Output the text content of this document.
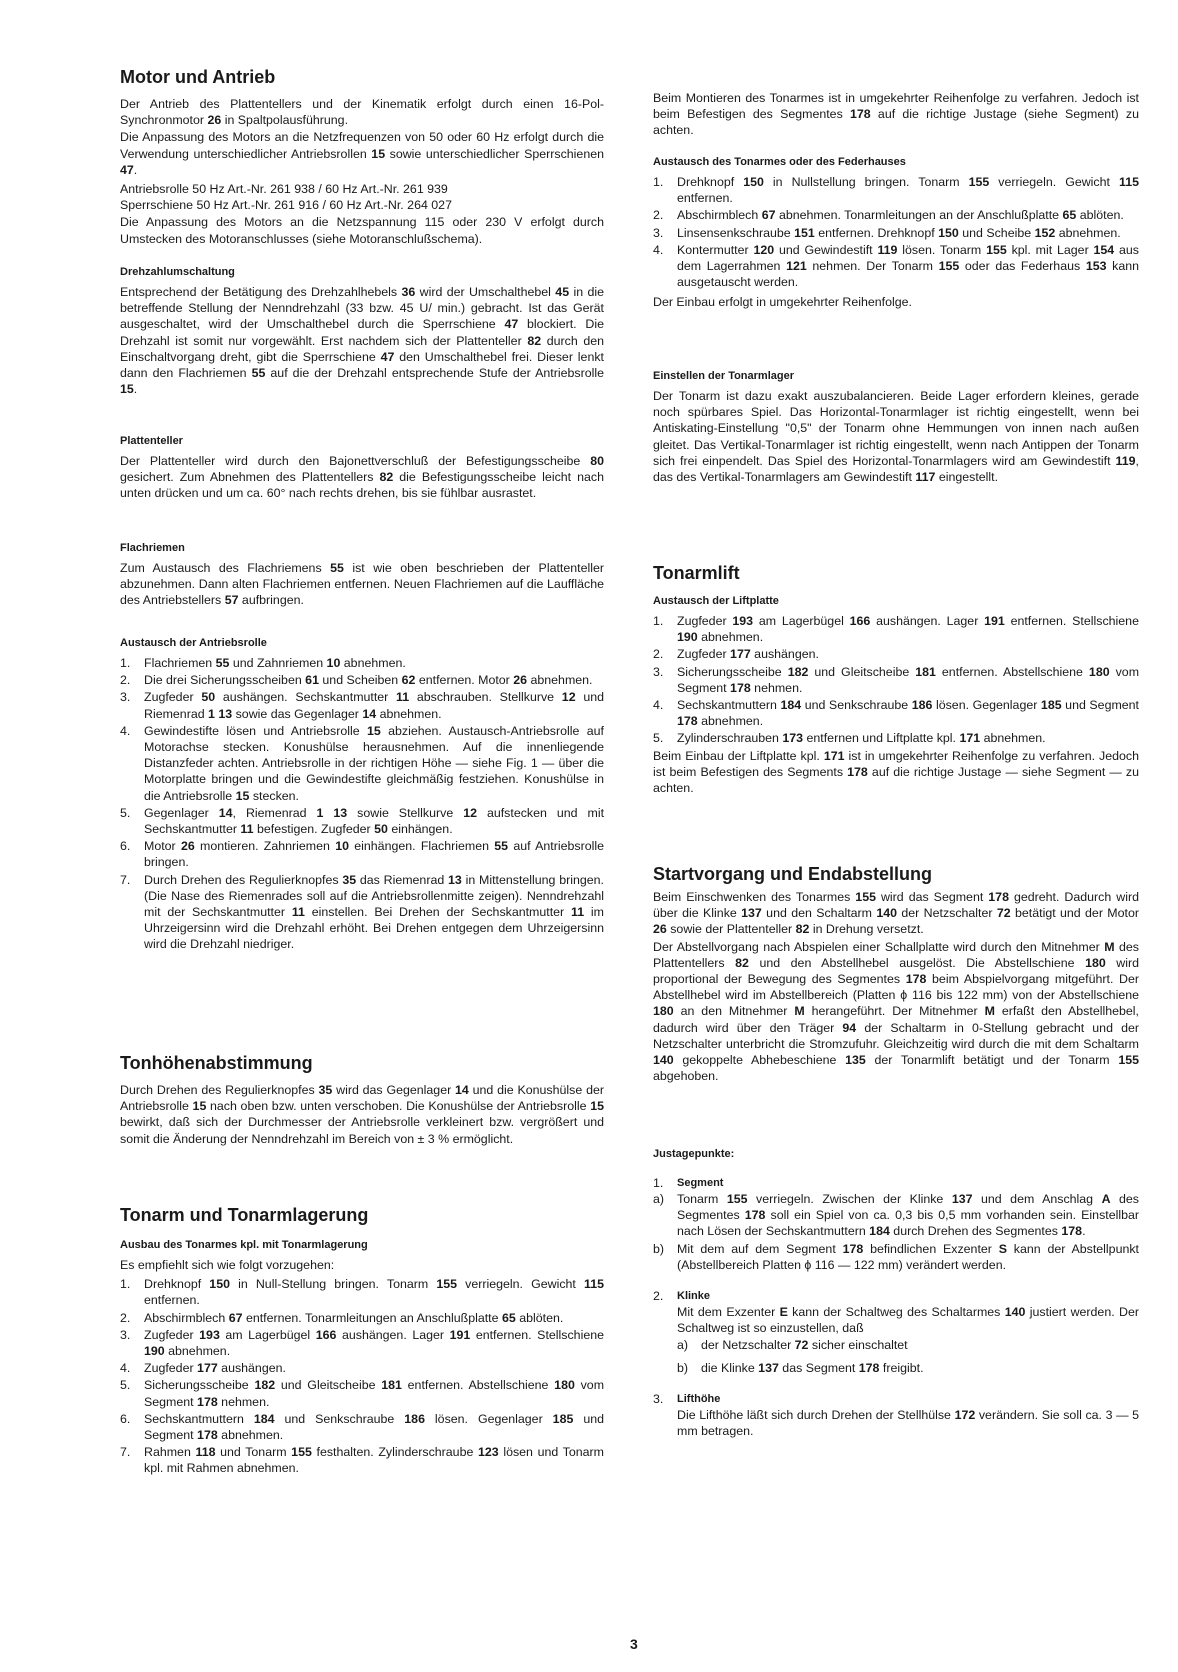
Motor und Antrieb

Der Antrieb des Plattentellers und der Kinematik erfolgt durch einen 16-Pol-Synchronmotor 26 in Spaltpolausführung.

Die Anpassung des Motors an die Netzfrequenzen von 50 oder 60 Hz erfolgt durch die Verwendung unterschiedlicher Antriebsrollen 15 sowie unterschiedlicher Sperrschienen 47.

Antriebsrolle 50 Hz Art.-Nr. 261 938 / 60 Hz Art.-Nr. 261 939

Sperrschiene 50 Hz Art.-Nr. 261 916 / 60 Hz Art.-Nr. 264 027

Die Anpassung des Motors an die Netzspannung 115 oder 230 V erfolgt durch Umstecken des Motoranschlusses (siehe Motoranschlußschema).

Drehzahlumschaltung

Entsprechend der Betätigung des Drehzahlhebels 36 wird der Umschalthebel 45 in die betreffende Stellung der Nenndrehzahl (33 bzw. 45 U/ min.) gebracht. Ist das Gerät ausgeschaltet, wird der Umschalthebel durch die Sperrschiene 47 blockiert. Die Drehzahl ist somit nur vorgewählt. Erst nachdem sich der Plattenteller 82 durch den Einschaltvorgang dreht, gibt die Sperrschiene 47 den Umschalthebel frei. Dieser lenkt dann den Flachriemen 55 auf die der Drehzahl entsprechende Stufe der Antriebsrolle 15.

Plattenteller

Der Plattenteller wird durch den Bajonettverschluß der Befestigungsscheibe 80 gesichert. Zum Abnehmen des Plattentellers 82 die Befestigungsscheibe leicht nach unten drücken und um ca. 60° nach rechts drehen, bis sie fühlbar ausrastet.

Flachriemen

Zum Austausch des Flachriemens 55 ist wie oben beschrieben der Plattenteller abzunehmen. Dann alten Flachriemen entfernen. Neuen Flachriemen auf die Lauffläche des Antriebstellers 57 aufbringen.

Austausch der Antriebsrolle
1. Flachriemen 55 und Zahnriemen 10 abnehmen.
2. Die drei Sicherungsscheiben 61 und Scheiben 62 entfernen. Motor 26 abnehmen.
3. Zugfeder 50 aushängen. Sechskantmutter 11 abschrauben. Stellkurve 12 und Riemenrad 1 13 sowie das Gegenlager 14 abnehmen.
4. Gewindestifte lösen und Antriebsrolle 15 abziehen. Austausch-Antriebsrolle auf Motorachse stecken. Konushülse herausnehmen. Auf die innenliegende Distanzfeder achten. Antriebsrolle in der richtigen Höhe — siehe Fig. 1 — über die Motorplatte bringen und die Gewindestifte gleichmäßig festziehen. Konushülse in die Antriebsrolle 15 stecken.
5. Gegenlager 14, Riemenrad 1 13 sowie Stellkurve 12 aufstecken und mit Sechskantmutter 11 befestigen. Zugfeder 50 einhängen.
6. Motor 26 montieren. Zahnriemen 10 einhängen. Flachriemen 55 auf Antriebsrolle bringen.
7. Durch Drehen des Regulierknopfes 35 das Riemenrad 13 in Mittenstellung bringen. (Die Nase des Riemenrades soll auf die Antriebsrollenmitte zeigen). Nenndrehzahl mit der Sechskantmutter 11 einstellen. Bei Drehen der Sechskantmutter 11 im Uhrzeigersinn wird die Drehzahl erhöht. Bei Drehen entgegen dem Uhrzeigersinn wird die Drehzahl niedriger.
Tonhöhenabstimmung

Durch Drehen des Regulierknopfes 35 wird das Gegenlager 14 und die Konushülse der Antriebsrolle 15 nach oben bzw. unten verschoben. Die Konushülse der Antriebsrolle 15 bewirkt, daß sich der Durchmesser der Antriebsrolle verkleinert bzw. vergrößert und somit die Änderung der Nenndrehzahl im Bereich von ± 3 % ermöglicht.

Tonarm und Tonarmlagerung
Ausbau des Tonarmes kpl. mit Tonarmlagerung

Es empfiehlt sich wie folgt vorzugehen:

1. Drehknopf 150 in Null-Stellung bringen. Tonarm 155 verriegeln. Gewicht 115 entfernen.
2. Abschirmblech 67 entfernen. Tonarmleitungen an Anschlußplatte 65 ablöten.
3. Zugfeder 193 am Lagerbügel 166 aushängen. Lager 191 entfernen. Stellschiene 190 abnehmen.
4. Zugfeder 177 aushängen.
5. Sicherungsscheibe 182 und Gleitscheibe 181 entfernen. Abstellschiene 180 vom Segment 178 nehmen.
6. Sechskantmuttern 184 und Senkschraube 186 lösen. Gegenlager 185 und Segment 178 abnehmen.
7. Rahmen 118 und Tonarm 155 festhalten. Zylinderschraube 123 lösen und Tonarm kpl. mit Rahmen abnehmen.

Beim Montieren des Tonarmes ist in umgekehrter Reihenfolge zu verfahren. Jedoch ist beim Befestigen des Segmentes 178 auf die richtige Justage (siehe Segment) zu achten.

Austausch des Tonarmes oder des Federhauses
1. Drehknopf 150 in Nullstellung bringen. Tonarm 155 verriegeln. Gewicht 115 entfernen.
2. Abschirmblech 67 abnehmen. Tonarmleitungen an der Anschlußplatte 65 ablöten.
3. Linsensenkschraube 151 entfernen. Drehknopf 150 und Scheibe 152 abnehmen.
4. Kontermutter 120 und Gewindestift 119 lösen. Tonarm 155 kpl. mit Lager 154 aus dem Lagerrahmen 121 nehmen. Der Tonarm 155 oder das Federhaus 153 kann ausgetauscht werden.

Der Einbau erfolgt in umgekehrter Reihenfolge.

Einstellen der Tonarmlager

Der Tonarm ist dazu exakt auszubalancieren. Beide Lager erfordern kleines, gerade noch spürbares Spiel. Das Horizontal-Tonarmlager ist richtig eingestellt, wenn bei Antiskating-Einstellung "0,5" der Tonarm ohne Hemmungen von innen nach außen gleitet. Das Vertikal-Tonarmlager ist richtig eingestellt, wenn nach Antippen der Tonarm sich frei einpendelt. Das Spiel des Horizontal-Tonarmlagers wird am Gewindestift 119, das des Vertikal-Tonarmlagers am Gewindestift 117 eingestellt.

Tonarmlift
Austausch der Liftplatte
1. Zugfeder 193 am Lagerbügel 166 aushängen. Lager 191 entfernen. Stellschiene 190 abnehmen.
2. Zugfeder 177 aushängen.
3. Sicherungsscheibe 182 und Gleitscheibe 181 entfernen. Abstellschiene 180 vom Segment 178 nehmen.
4. Sechskantmuttern 184 und Senkschraube 186 lösen. Gegenlager 185 und Segment 178 abnehmen.
5. Zylinderschrauben 173 entfernen und Liftplatte kpl. 171 abnehmen.

Beim Einbau der Liftplatte kpl. 171 ist in umgekehrter Reihenfolge zu verfahren. Jedoch ist beim Befestigen des Segments 178 auf die richtige Justage — siehe Segment — zu achten.

Startvorgang und Endabstellung

Beim Einschwenken des Tonarmes 155 wird das Segment 178 gedreht. Dadurch wird über die Klinke 137 und den Schaltarm 140 der Netzschalter 72 betätigt und der Motor 26 sowie der Plattenteller 82 in Drehung versetzt.

Der Abstellvorgang nach Abspielen einer Schallplatte wird durch den Mitnehmer M des Plattentellers 82 und den Abstellhebel ausgelöst. Die Abstellschiene 180 wird proportional der Bewegung des Segmentes 178 beim Abspielvorgang mitgeführt. Der Abstellhebel wird im Abstellbereich (Platten ϕ 116 bis 122 mm) von der Abstellschiene 180 an den Mitnehmer M herangeführt. Der Mitnehmer M erfaßt den Abstellhebel, dadurch wird über den Träger 94 der Schaltarm in 0-Stellung gebracht und der Netzschalter unterbricht die Stromzufuhr. Gleichzeitig wird durch die mit dem Schaltarm 140 gekoppelte Abhebeschiene 135 der Tonarmlift betätigt und der Tonarm 155 abgehoben.

Justagepunkte:
1. Segment
a) Tonarm 155 verriegeln. Zwischen der Klinke 137 und dem Anschlag A des Segmentes 178 soll ein Spiel von ca. 0,3 bis 0,5 mm vorhanden sein. Einstellbar nach Lösen der Sechskantmuttern 184 durch Drehen des Segmentes 178.
b) Mit dem auf dem Segment 178 befindlichen Exzenter S kann der Abstellpunkt (Abstellbereich Platten ϕ 116 — 122 mm) verändert werden.
2. Klinke

Mit dem Exzenter E kann der Schaltweg des Schaltarmes 140 justiert werden. Der Schaltweg ist so einzustellen, daß

a) der Netzschalter 72 sicher einschaltet
b) die Klinke 137 das Segment 178 freigibt.
3. Lifthöhe

Die Lifthöhe läßt sich durch Drehen der Stellhülse 172 verändern. Sie soll ca. 3 — 5 mm betragen.

3
